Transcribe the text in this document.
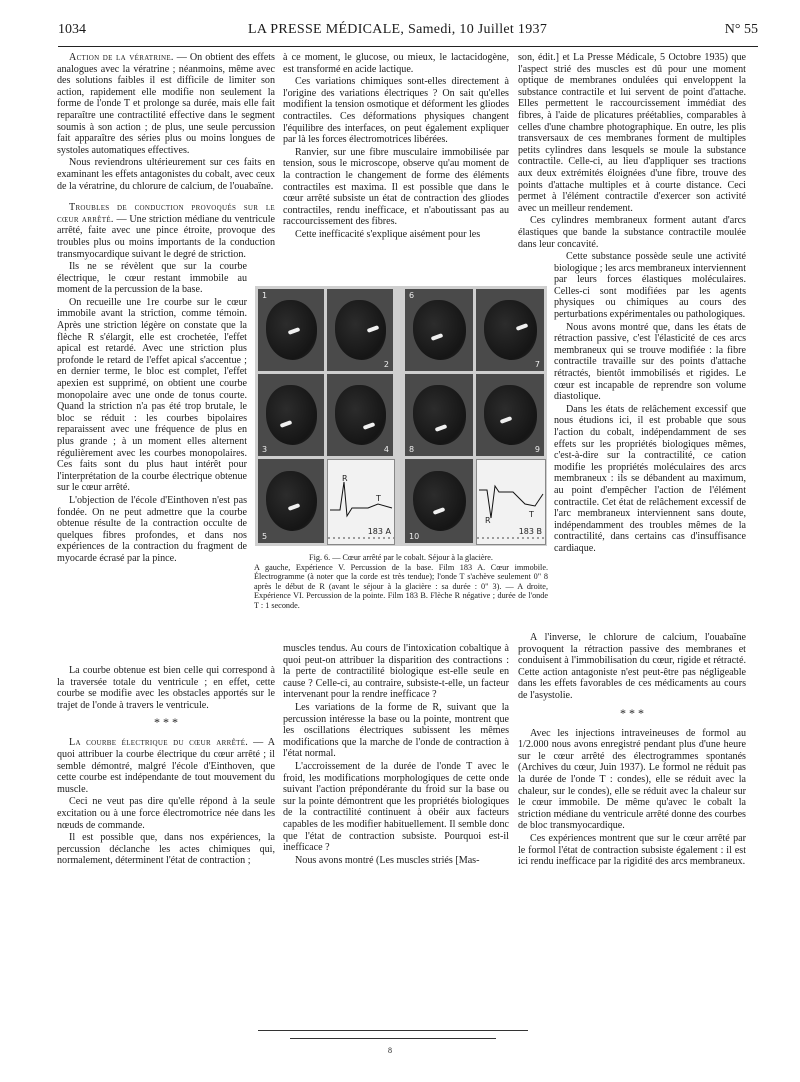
1034	LA PRESSE MÉDICALE, Samedi, 10 Juillet 1937	N° 55

Action de la vératrine. — On obtient des effets analogues avec la vératrine ; néanmoins, même avec des solutions faibles il est difficile de limiter son action, rapidement elle modifie non seulement la forme de l'onde T et prolonge sa durée, mais elle fait reparaître une contractilité effective dans le segment soumis à son action ; de plus, une seule percussion fait apparaître des séries plus ou moins longues de systoles automatiques effectives.

Nous reviendrons ultérieurement sur ces faits en examinant les effets antagonistes du cobalt, avec ceux de la vératrine, du chlorure de calcium, de l'ouabaïne.

Troubles de conduction provoqués sur le cœur arrêté. — Une striction médiane du ventricule arrêté, faite avec une pince étroite, provoque des troubles plus ou moins importants de la conduction transmyocardique suivant le degré de striction.

Ils ne se révèlent que sur la courbe électrique, le cœur restant immobile au moment de la percussion de la base.

On recueille une 1re courbe sur le cœur immobile avant la striction, comme témoin. Après une striction légère on constate que la flèche R s'élargit, elle est crochetée, l'effet apical est retardé. Avec une striction plus profonde le retard de l'effet apical s'accentue ; en dernier terme, le bloc est complet, l'effet apexien est supprimé, on obtient une courbe monopolaire avec une onde de tonus courte. Quand la striction n'a pas été trop brutale, le bloc se réduit : les courbes bipolaires reparaissent avec une fréquence de plus en plus grande ; à un moment elles alternent régulièrement avec les courbes monopolaires. Ces faits sont du plus haut intérêt pour l'interprétation de la courbe électrique obtenue sur le cœur arrêté.

L'objection de l'école d'Einthoven n'est pas fondée. On ne peut admettre que la courbe obtenue résulte de la contraction occulte de quelques fibres profondes, et dans nos expériences de la contraction du fragment de myocarde écrasé par la pince.

La courbe obtenue est bien celle qui correspond à la traversée totale du ventricule ; en effet, cette courbe se modifie avec les obstacles apportés sur le trajet de l'onde à travers le ventricule.

* * *

La courbe électrique du cœur arrêté. — A quoi attribuer la courbe électrique du cœur arrêté ; il semble démontré, malgré l'école d'Einthoven, que cette courbe est indépendante de tout mouvement du muscle.

Ceci ne veut pas dire qu'elle répond à la seule excitation ou à une force électromotrice née dans les nœuds de commande.

Il est possible que, dans nos expériences, la percussion déclanche les actes chimiques qui, normalement, déterminent l'état de contraction ;

à ce moment, le glucose, ou mieux, le lactacidogène, est transformé en acide lactique.

Ces variations chimiques sont-elles directement à l'origine des variations électriques ? On sait qu'elles modifient la tension osmotique et déforment les gliodes contractiles. Ces déformations physiques changent l'équilibre des interfaces, on peut également expliquer par là les forces électromotrices libérées.

Ranvier, sur une fibre musculaire immobilisée par tension, sous le microscope, observe qu'au moment de la contraction le changement de forme des éléments contractiles est maxima. Il est possible que dans le cœur arrêté subsiste un état de contraction des gliodes contractiles, rendu inefficace, et n'aboutissant pas au raccourcissement des fibres.

Cette inefficacité s'explique aisément pour les

1
2
3	4
5
R
T
183 A
6
7
8	9
10
R
T
183 B

Fig. 6. — Cœur arrêté par le cobalt. Séjour à la glacière.

A gauche, Expérience V. Percussion de la base. Film 183 A. Cœur immobile. Électrogramme (à noter que la corde est très tendue); l'onde T s'achève seulement 0" 8 après le début de R (avant le séjour à la glacière : sa durée : 0" 3). — A droite, Expérience VI. Percussion de la pointe. Film 183 B. Flèche R négative ; durée de l'onde T : 1 seconde.

muscles tendus. Au cours de l'intoxication cobaltique à quoi peut-on attribuer la disparition des contractions : la perte de contractilité biologique est-elle seule en cause ? Celle-ci, au contraire, subsiste-t-elle, un facteur intervenant pour la rendre inefficace ?

Les variations de la forme de R, suivant que la percussion intéresse la base ou la pointe, montrent que les oscillations électriques subissent les mêmes modifications que la marche de l'onde de contraction à l'état normal.

L'accroissement de la durée de l'onde T avec le froid, les modifications morphologiques de cette onde suivant l'action prépondérante du froid sur la base ou sur la pointe démontrent que les propriétés biologiques de la contractilité continuent à obéir aux facteurs capables de les modifier habituellement. Il semble donc que l'état de contraction subsiste. Pourquoi est-il inefficace ?

Nous avons montré (Les muscles striés [Mas-

son, édit.] et La Presse Médicale, 5 Octobre 1935) que l'aspect strié des muscles est dû pour une moment optique de membranes ondulées qui enveloppent la substance contractile et lui servent de point d'attache. Elles permettent le raccourcissement immédiat des fibres, à l'aide de plicatures préétablies, comparables à celles d'une chambre photographique. En outre, les plis transversaux de ces membranes forment de multiples petits cylindres dans lesquels se moule la substance contractile. Celle-ci, au lieu d'appliquer ses tractions aux deux extrémités éloignées d'une fibre, trouve des points d'attache multiples et à courte distance. Ceci permet à l'élément contractile d'exercer son activité avec un meilleur rendement.

Ces cylindres membraneux forment autant d'arcs élastiques que bande la substance contractile moulée dans leur concavité.

Cette substance possède seule une activité biologique ; les arcs membraneux interviennent par leurs forces élastiques moléculaires. Celles-ci sont modifiées par les agents physiques ou chimiques au cours des perturbations expérimentales ou pathologiques.

Nous avons montré que, dans les états de rétraction passive, c'est l'élasticité de ces arcs membraneux qui se trouve modifiée : la fibre contractile travaille sur des points d'attache rétractés, bientôt immobilisés et rigides. Le cœur est incapable de reprendre son volume diastolique.

Dans les états de relâchement excessif que nous étudions ici, il est probable que sous l'action du cobalt, indépendamment de ses effets sur les propriétés biologiques mêmes, c'est-à-dire sur la contractilité, ce cation modifie les propriétés moléculaires des arcs membraneux : ils se débandent au maximum, au point d'empêcher l'action de l'élément contractile. Cet état de relâchement excessif de l'arc membraneux interviennent sans doute, indépendamment des troubles mêmes de la contractilité, dans certains cas d'insuffisance cardiaque.

A l'inverse, le chlorure de calcium, l'ouabaïne provoquent la rétraction passive des membranes et conduisent à l'immobilisation du cœur, rigide et rétracté. Cette action antagoniste n'est peut-être pas négligeable dans les effets favorables de ces médicaments au cours de l'asystolie.

* * *

Avec les injections intraveineuses de formol au 1/2.000 nous avons enregistré pendant plus d'une heure sur le cœur arrêté des électrogrammes spontanés (Archives du cœur, Juin 1937). Le formol ne réduit pas la durée de l'onde T : condes), elle se réduit avec la chaleur, sur le condes), elle se réduit avec la chaleur sur le cœur immobile. De même qu'avec le cobalt la striction médiane du ventricule arrêté donne des courbes de bloc transmyocardique.

Ces expériences montrent que sur le cœur arrêté par le formol l'état de contraction subsiste également : il est ici rendu inefficace par la rigidité des arcs membraneux.

8
